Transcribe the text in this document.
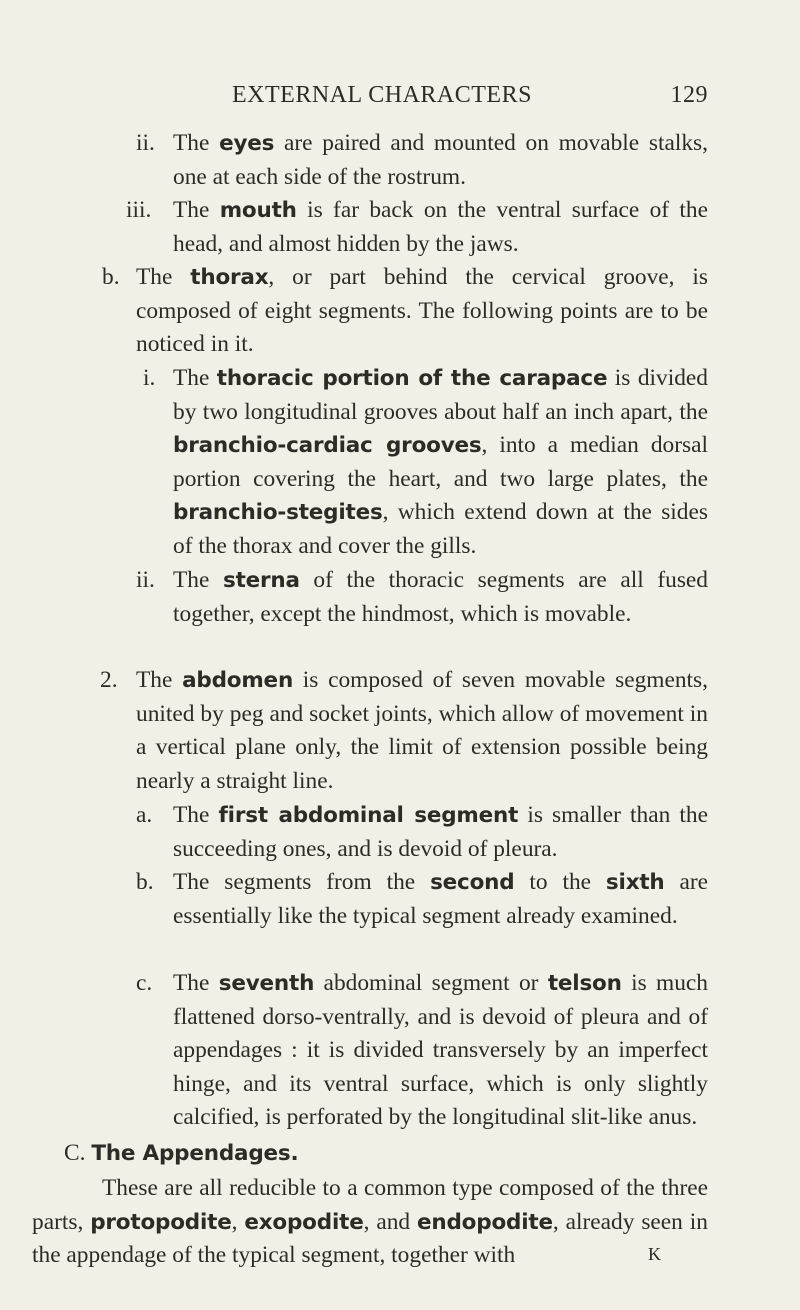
EXTERNAL CHARACTERS	129
ii. The eyes are paired and mounted on movable stalks, one at each side of the rostrum.
iii. The mouth is far back on the ventral surface of the head, and almost hidden by the jaws.
b. The thorax, or part behind the cervical groove, is composed of eight segments. The following points are to be noticed in it.
i. The thoracic portion of the carapace is divided by two longitudinal grooves about half an inch apart, the branchio-cardiac grooves, into a median dorsal portion covering the heart, and two large plates, the branchio-stegites, which extend down at the sides of the thorax and cover the gills.
ii. The sterna of the thoracic segments are all fused together, except the hindmost, which is movable.
2. The abdomen is composed of seven movable segments, united by peg and socket joints, which allow of movement in a vertical plane only, the limit of extension possible being nearly a straight line.
a. The first abdominal segment is smaller than the succeeding ones, and is devoid of pleura.
b. The segments from the second to the sixth are essentially like the typical segment already examined.
c. The seventh abdominal segment or telson is much flattened dorso-ventrally, and is devoid of pleura and of appendages : it is divided transversely by an imperfect hinge, and its ventral surface, which is only slightly calcified, is perforated by the longitudinal slit-like anus.
C. The Appendages.
These are all reducible to a common type composed of the three parts, protopodite, exopodite, and endopodite, already seen in the appendage of the typical segment, together with	K
